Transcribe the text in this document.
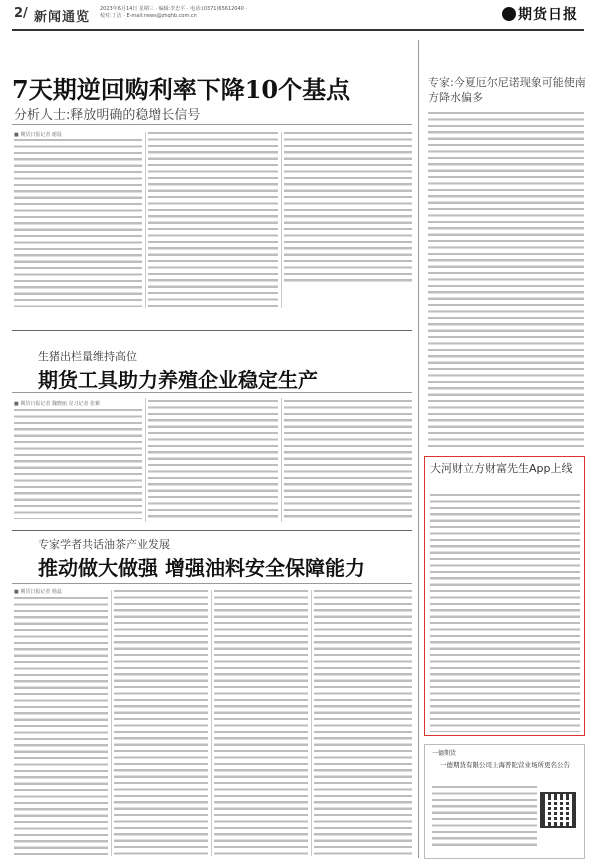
2/ 新闻通览
2023年6月14日 星期三 · 编辑:李忠平 · 电话:(0371)65612040 · 校对:丁洁 · E-mail:news@zhqhb.com.cn	期货日报
7天期逆回购利率下降10个基点
分析人士:释放明确的稳增长信号
■ 期货日报记者 谢晨
生猪出栏量维持高位
期货工具助力养殖企业稳定生产
■ 期货日报记者 魏晓丽 见习记者 张紫
专家学者共话油茶产业发展
推动做大做强 增强油料安全保障能力
■ 期货日报记者 杨蕊
专家:今夏厄尔尼诺现象可能使南方降水偏多
大河财立方财富先生App上线
一德期货
一德期货有限公司上海普陀营业场所更名公告
